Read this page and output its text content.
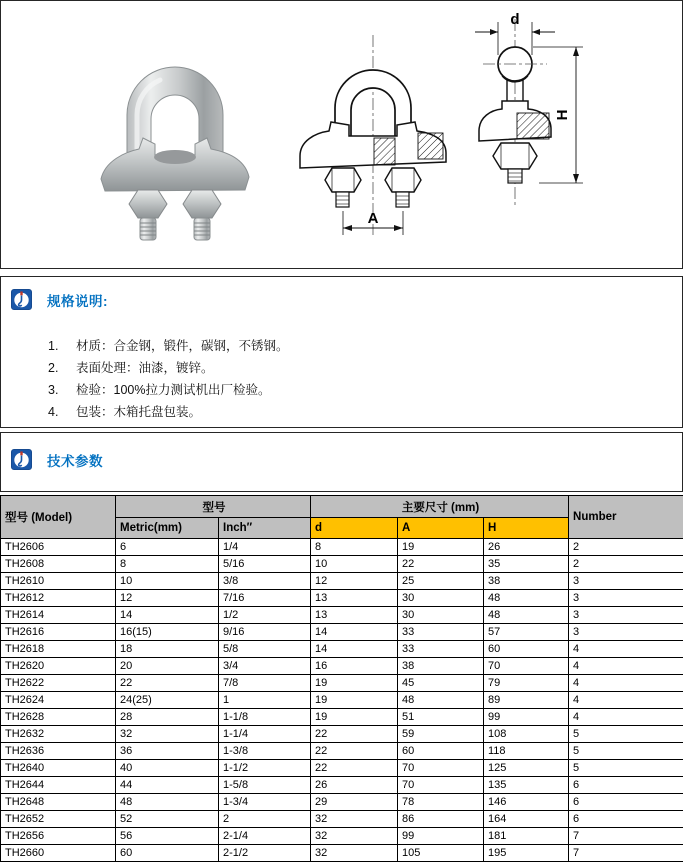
A
d
H
规格说明:
1.	材质：合金钢，锻件，碳钢，不锈钢。
2.	表面处理：油漆，镀锌。
3.	检验：100%拉力测试机出厂检验。
4.	包装：木箱托盘包装。
技术参数
型号 (Model)	型号		主要尺寸 (mm)			Number
	Metric(mm)	Inch″	d	A	H	
TH2606	6	1/4	8	19	26	2
TH2608	8	5/16	10	22	35	2
TH2610	10	3/8	12	25	38	3
TH2612	12	7/16	13	30	48	3
TH2614	14	1/2	13	30	48	3
TH2616	16(15)	9/16	14	33	57	3
TH2618	18	5/8	14	33	60	4
TH2620	20	3/4	16	38	70	4
TH2622	22	7/8	19	45	79	4
TH2624	24(25)	1	19	48	89	4
TH2628	28	1-1/8	19	51	99	4
TH2632	32	1-1/4	22	59	108	5
TH2636	36	1-3/8	22	60	118	5
TH2640	40	1-1/2	22	70	125	5
TH2644	44	1-5/8	26	70	135	6
TH2648	48	1-3/4	29	78	146	6
TH2652	52	2	32	86	164	6
TH2656	56	2-1/4	32	99	181	7
TH2660	60	2-1/2	32	105	195	7
